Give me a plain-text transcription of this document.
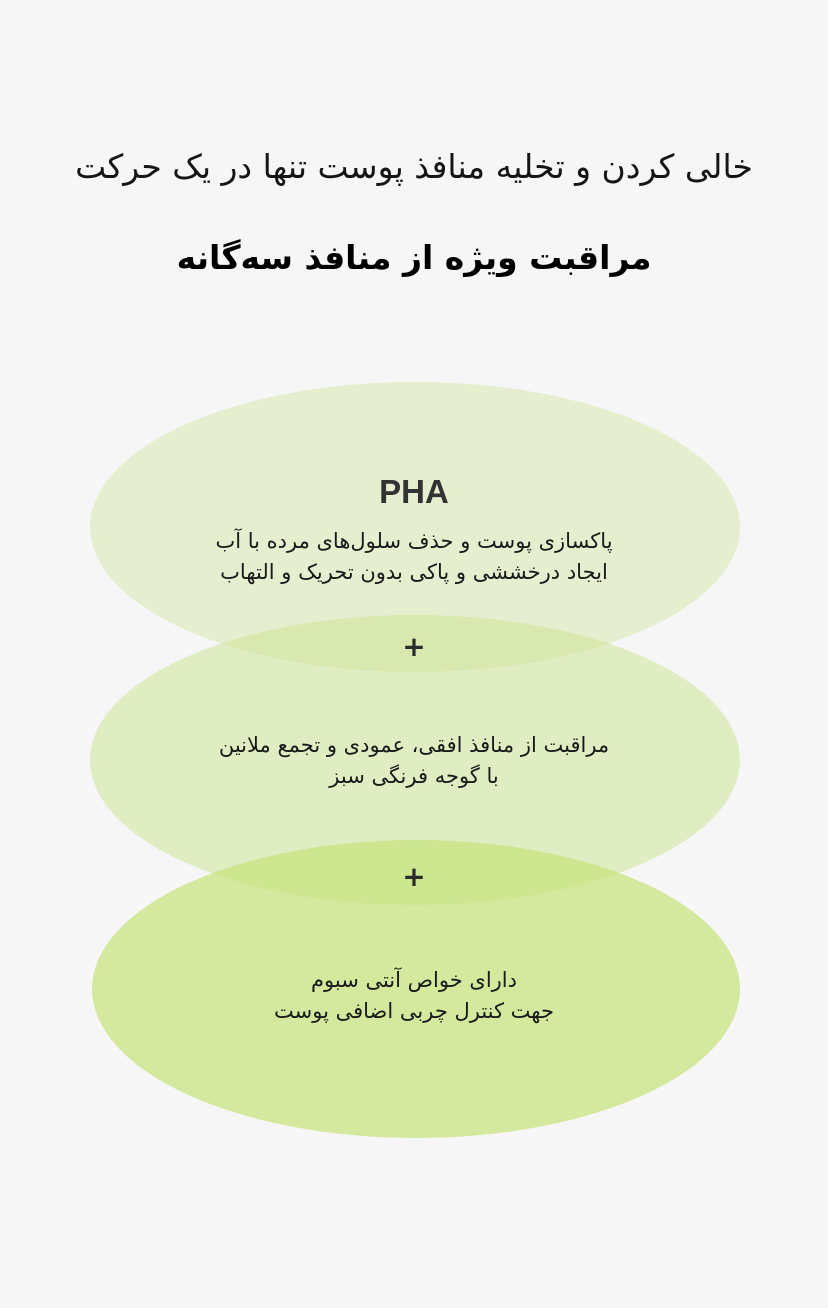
خالی کردن و تخلیه منافذ پوست تنها در یک حرکت
مراقبت ویژه از منافذ سه‌گانه
PHA
پاکسازی پوست و حذف سلول‌های مرده با آب
ایجاد درخششی و پاکی بدون تحریک و التهاب
+
مراقبت از منافذ افقی، عمودی و تجمع ملانین
با گوجه فرنگی سبز
+
دارای خواص آنتی سبوم
جهت کنترل چربی اضافی پوست
